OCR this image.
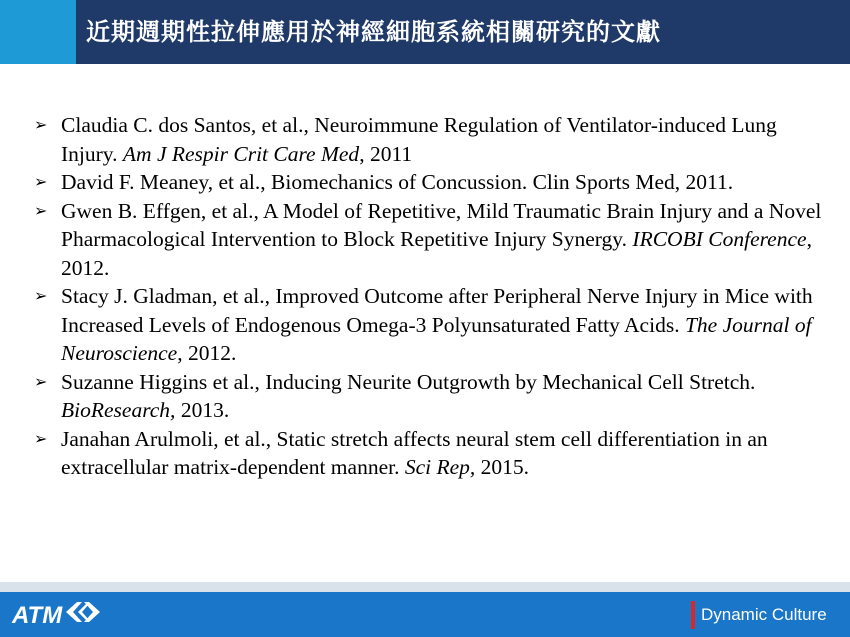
近期週期性拉伸應用於神經細胞系統相關研究的文獻
➢ Claudia C. dos Santos, et al., Neuroimmune Regulation of Ventilator-induced Lung Injury. Am J Respir Crit Care Med, 2011
➢ David F. Meaney, et al., Biomechanics of Concussion. Clin Sports Med, 2011.
➢ Gwen B. Effgen, et al., A Model of Repetitive, Mild Traumatic Brain Injury and a Novel Pharmacological Intervention to Block Repetitive Injury Synergy. IRCOBI Conference, 2012.
➢ Stacy J. Gladman, et al., Improved Outcome after Peripheral Nerve Injury in Mice with Increased Levels of Endogenous Omega-3 Polyunsaturated Fatty Acids. The Journal of Neuroscience, 2012.
➢ Suzanne Higgins et al., Inducing Neurite Outgrowth by Mechanical Cell Stretch. BioResearch, 2013.
➢ Janahan Arulmoli, et al., Static stretch affects neural stem cell differentiation in an extracellular matrix-dependent manner. Sci Rep, 2015.
ATM	Dynamic Culture
